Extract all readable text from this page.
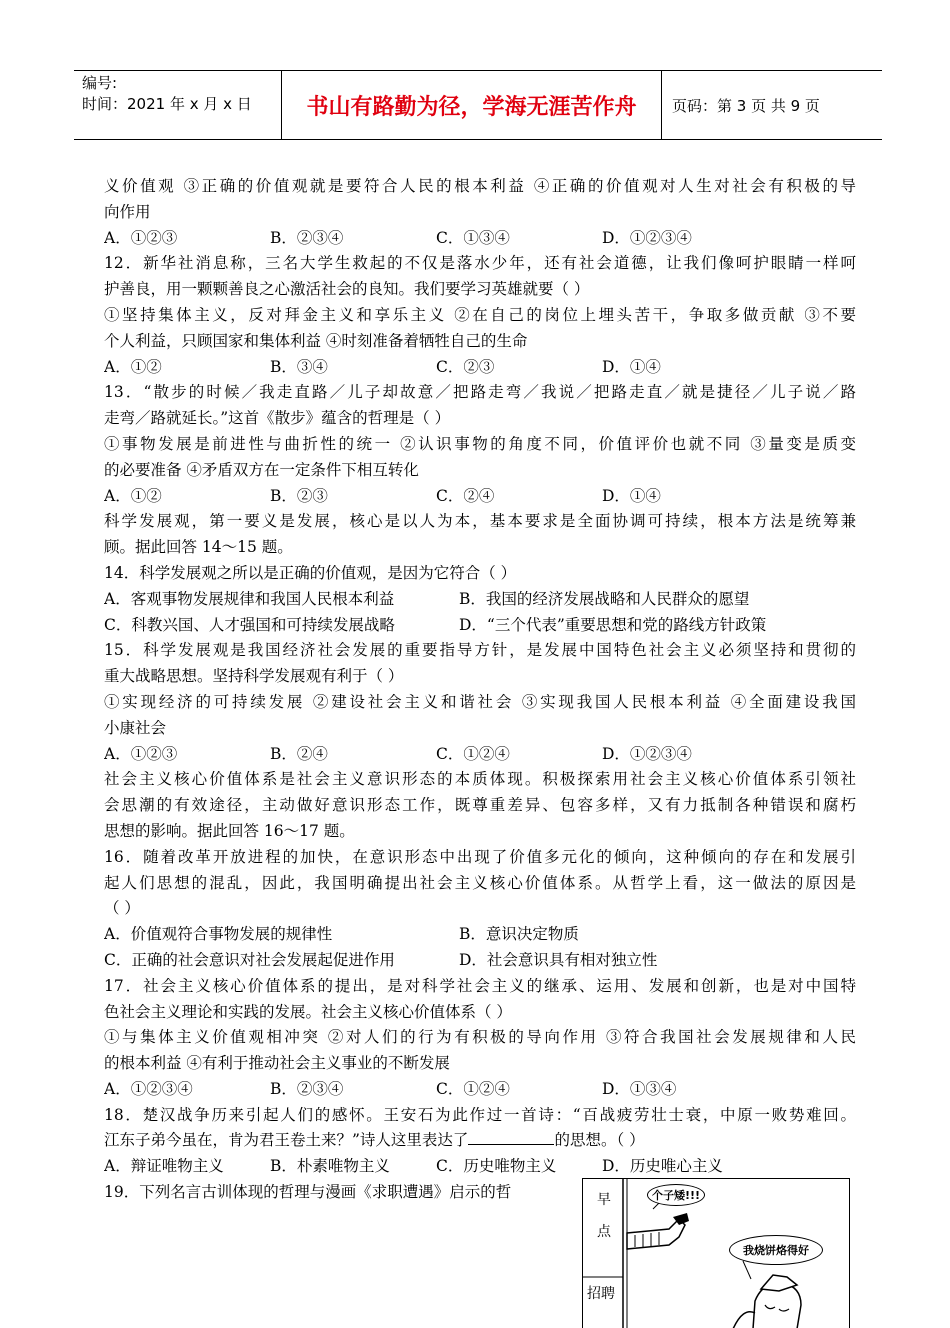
编号:
时间：2021 年 x 月 x 日	书山有路勤为径，学海无涯苦作舟	页码：第 3 页 共 9 页
义价值观 ③正确的价值观就是要符合人民的根本利益 ④正确的价值观对人生对社会有积极的导
向作用
A．①②③	B．②③④	C．①③④	D．①②③④
12．新华社消息称，三名大学生救起的不仅是落水少年，还有社会道德，让我们像呵护眼睛一样呵
护善良，用一颗颗善良之心激活社会的良知。我们要学习英雄就要（ ）
①坚持集体主义，反对拜金主义和享乐主义 ②在自己的岗位上埋头苦干，争取多做贡献 ③不要
个人利益，只顾国家和集体利益 ④时刻准备着牺牲自己的生命
A．①②	B．③④	C．②③	D．①④
13．“散步的时候／我走直路／儿子却故意／把路走弯／我说／把路走直／就是捷径／儿子说／路
走弯／路就延长。”这首《散步》蕴含的哲理是（ ）
①事物发展是前进性与曲折性的统一 ②认识事物的角度不同，价值评价也就不同 ③量变是质变
的必要准备 ④矛盾双方在一定条件下相互转化
A．①②	B．②③	C．②④	D．①④
科学发展观，第一要义是发展，核心是以人为本，基本要求是全面协调可持续，根本方法是统筹兼
顾。据此回答 14～15 题。
14．科学发展观之所以是正确的价值观，是因为它符合（ ）
A．客观事物发展规律和我国人民根本利益	B．我国的经济发展战略和人民群众的愿望
C．科教兴国、人才强国和可持续发展战略	D．“三个代表”重要思想和党的路线方针政策
15．科学发展观是我国经济社会发展的重要指导方针，是发展中国特色社会主义必须坚持和贯彻的
重大战略思想。坚持科学发展观有利于（ ）
①实现经济的可持续发展 ②建设社会主义和谐社会 ③实现我国人民根本利益 ④全面建设我国
小康社会
A．①②③	B．②④	C．①②④	D．①②③④
社会主义核心价值体系是社会主义意识形态的本质体现。积极探索用社会主义核心价值体系引领社
会思潮的有效途径，主动做好意识形态工作，既尊重差异、包容多样，又有力抵制各种错误和腐朽
思想的影响。据此回答 16～17 题。
16．随着改革开放进程的加快，在意识形态中出现了价值多元化的倾向，这种倾向的存在和发展引
起人们思想的混乱，因此，我国明确提出社会主义核心价值体系。从哲学上看，这一做法的原因是
（ ）
A．价值观符合事物发展的规律性	B．意识决定物质
C．正确的社会意识对社会发展起促进作用	D．社会意识具有相对独立性
17．社会主义核心价值体系的提出，是对科学社会主义的继承、运用、发展和创新，也是对中国特
色社会主义理论和实践的发展。社会主义核心价值体系（ ）
①与集体主义价值观相冲突 ②对人们的行为有积极的导向作用 ③符合我国社会发展规律和人民
的根本利益 ④有利于推动社会主义事业的不断发展
A．①②③④	B．②③④	C．①②④	D．①③④
18．楚汉战争历来引起人们的感怀。王安石为此作过一首诗：“百战疲劳壮士衰，中原一败势难回。
江东子弟今虽在，肯为君王卷土来？”诗人这里表达了	的思想。（ ）
A．辩证唯物主义	B．朴素唯物主义	C．历史唯物主义	D．历史唯心主义
19．下列名言古训体现的哲理与漫画《求职遭遇》启示的哲	早
点
招聘
个子矮!!!
我烧饼烙得好
